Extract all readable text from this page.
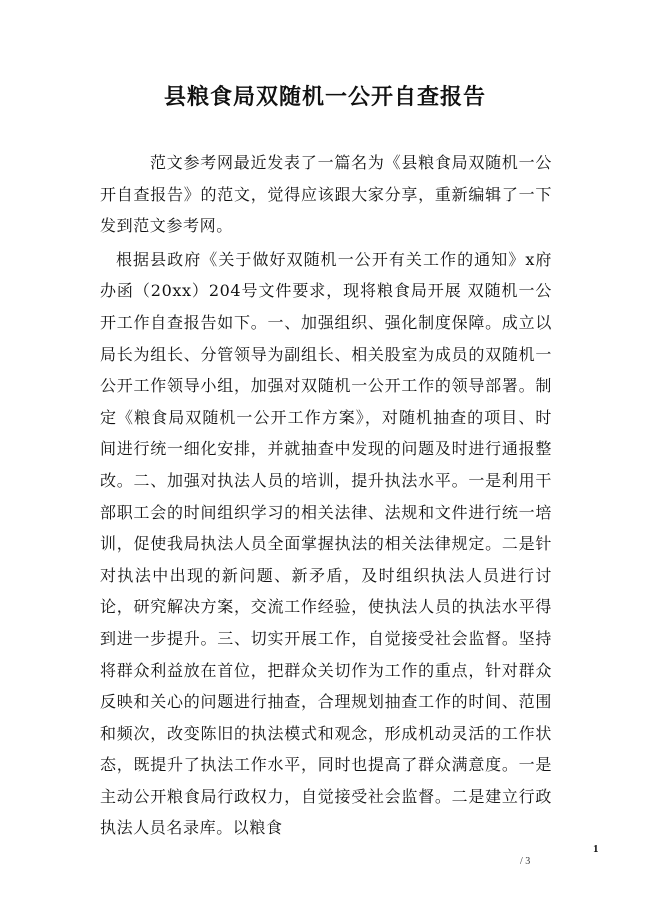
县粮食局双随机一公开自查报告

范文参考网最近发表了一篇名为《县粮食局双随机一公开自查报告》的范文，觉得应该跟大家分享，重新编辑了一下发到范文参考网。

根据县政府《关于做好双随机一公开有关工作的通知》x府办函（20xx）204号文件要求，现将粮食局开展 双随机一公开工作自查报告如下。一、加强组织、强化制度保障。成立以局长为组长、分管领导为副组长、相关股室为成员的双随机一公开工作领导小组，加强对双随机一公开工作的领导部署。制定《粮食局双随机一公开工作方案》，对随机抽查的项目、时间进行统一细化安排，并就抽查中发现的问题及时进行通报整改。二、加强对执法人员的培训，提升执法水平。一是利用干部职工会的时间组织学习的相关法律、法规和文件进行统一培训，促使我局执法人员全面掌握执法的相关法律规定。二是针对执法中出现的新问题、新矛盾，及时组织执法人员进行讨论，研究解决方案，交流工作经验，使执法人员的执法水平得到进一步提升。三、切实开展工作，自觉接受社会监督。坚持将群众利益放在首位，把群众关切作为工作的重点，针对群众反映和关心的问题进行抽查，合理规划抽查工作的时间、范围和频次，改变陈旧的执法模式和观念，形成机动灵活的工作状态，既提升了执法工作水平，同时也提高了群众满意度。一是主动公开粮食局行政权力，自觉接受社会监督。二是建立行政执法人员名录库。以粮食

1
/ 3
